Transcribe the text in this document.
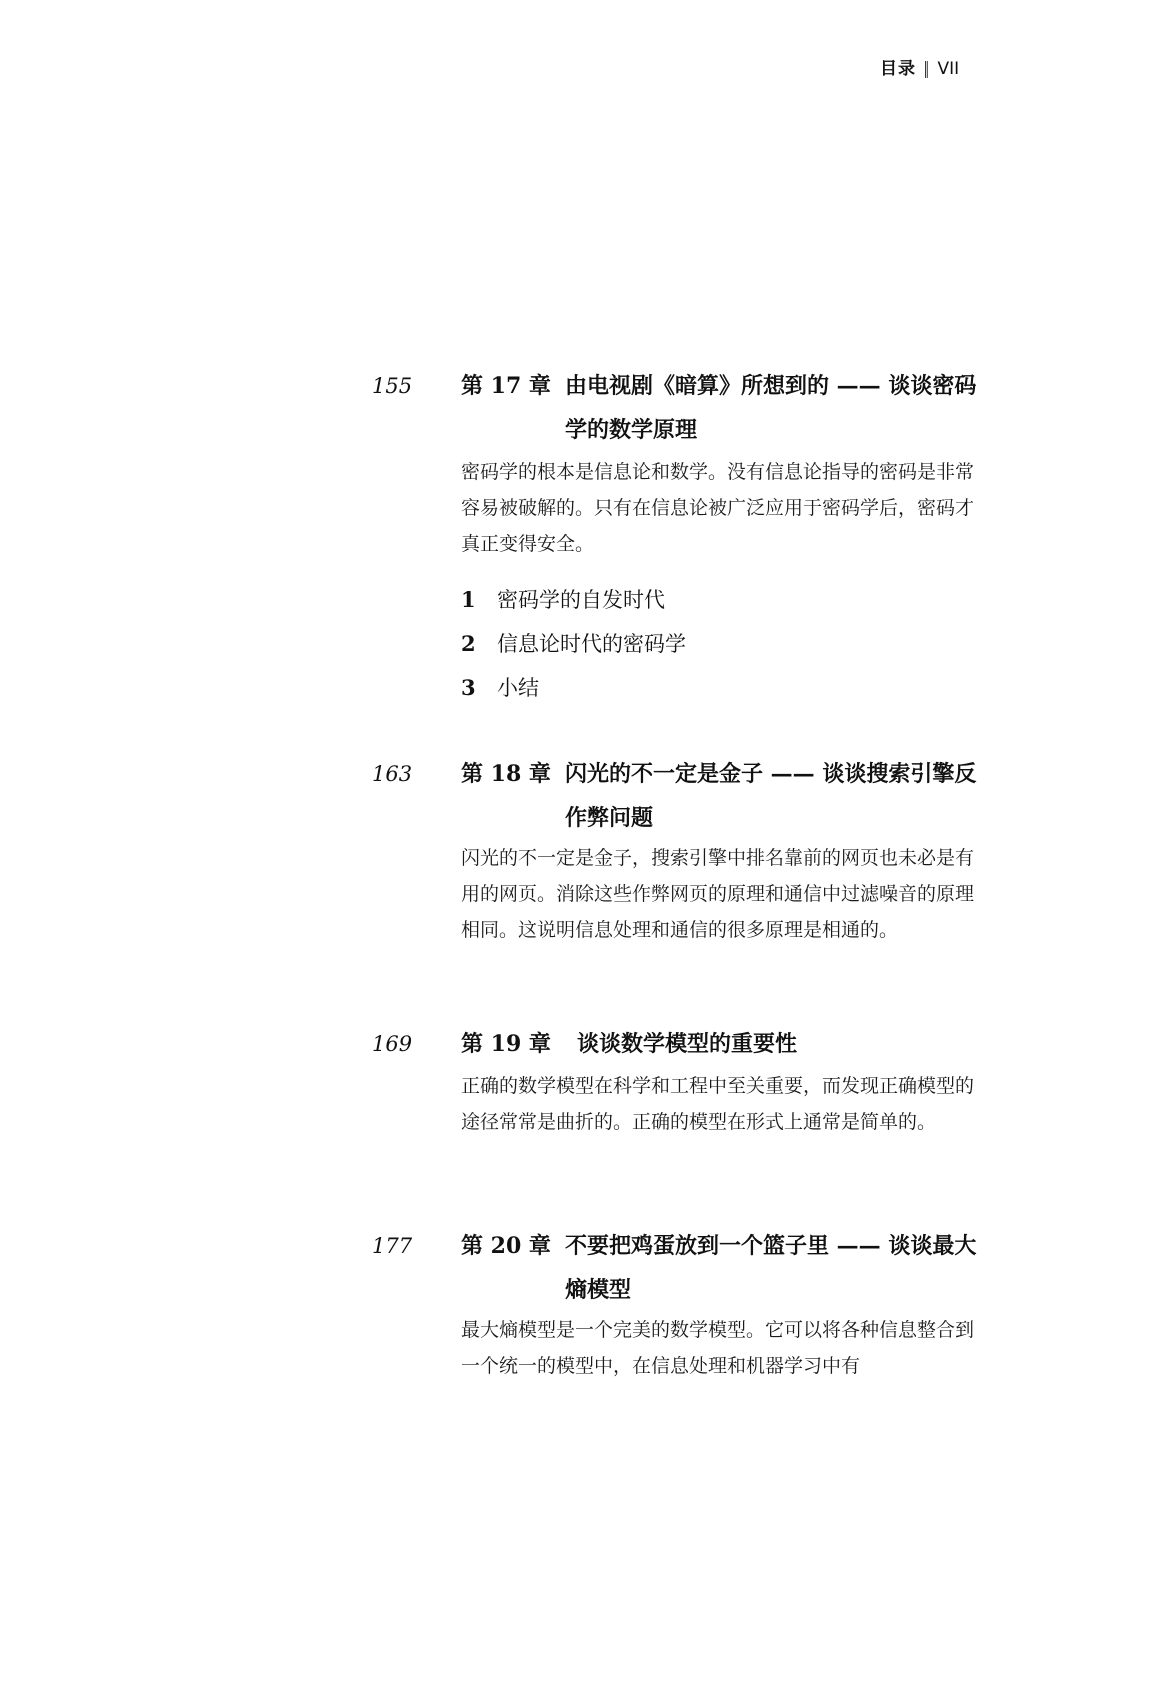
目录 ‖ VII
155 第 17 章 由电视剧《暗算》所想到的 —— 谈谈密码学的数学原理
密码学的根本是信息论和数学。没有信息论指导的密码是非常容易被破解的。只有在信息论被广泛应用于密码学后，密码才真正变得安全。
1 密码学的自发时代
2 信息论时代的密码学
3 小结
163 第 18 章 闪光的不一定是金子 —— 谈谈搜索引擎反作弊问题
闪光的不一定是金子，搜索引擎中排名靠前的网页也未必是有用的网页。消除这些作弊网页的原理和通信中过滤噪音的原理相同。这说明信息处理和通信的很多原理是相通的。
169 第 19 章 谈谈数学模型的重要性
正确的数学模型在科学和工程中至关重要，而发现正确模型的途径常常是曲折的。正确的模型在形式上通常是简单的。
177 第 20 章 不要把鸡蛋放到一个篮子里 —— 谈谈最大熵模型
最大熵模型是一个完美的数学模型。它可以将各种信息整合到一个统一的模型中，在信息处理和机器学习中有
